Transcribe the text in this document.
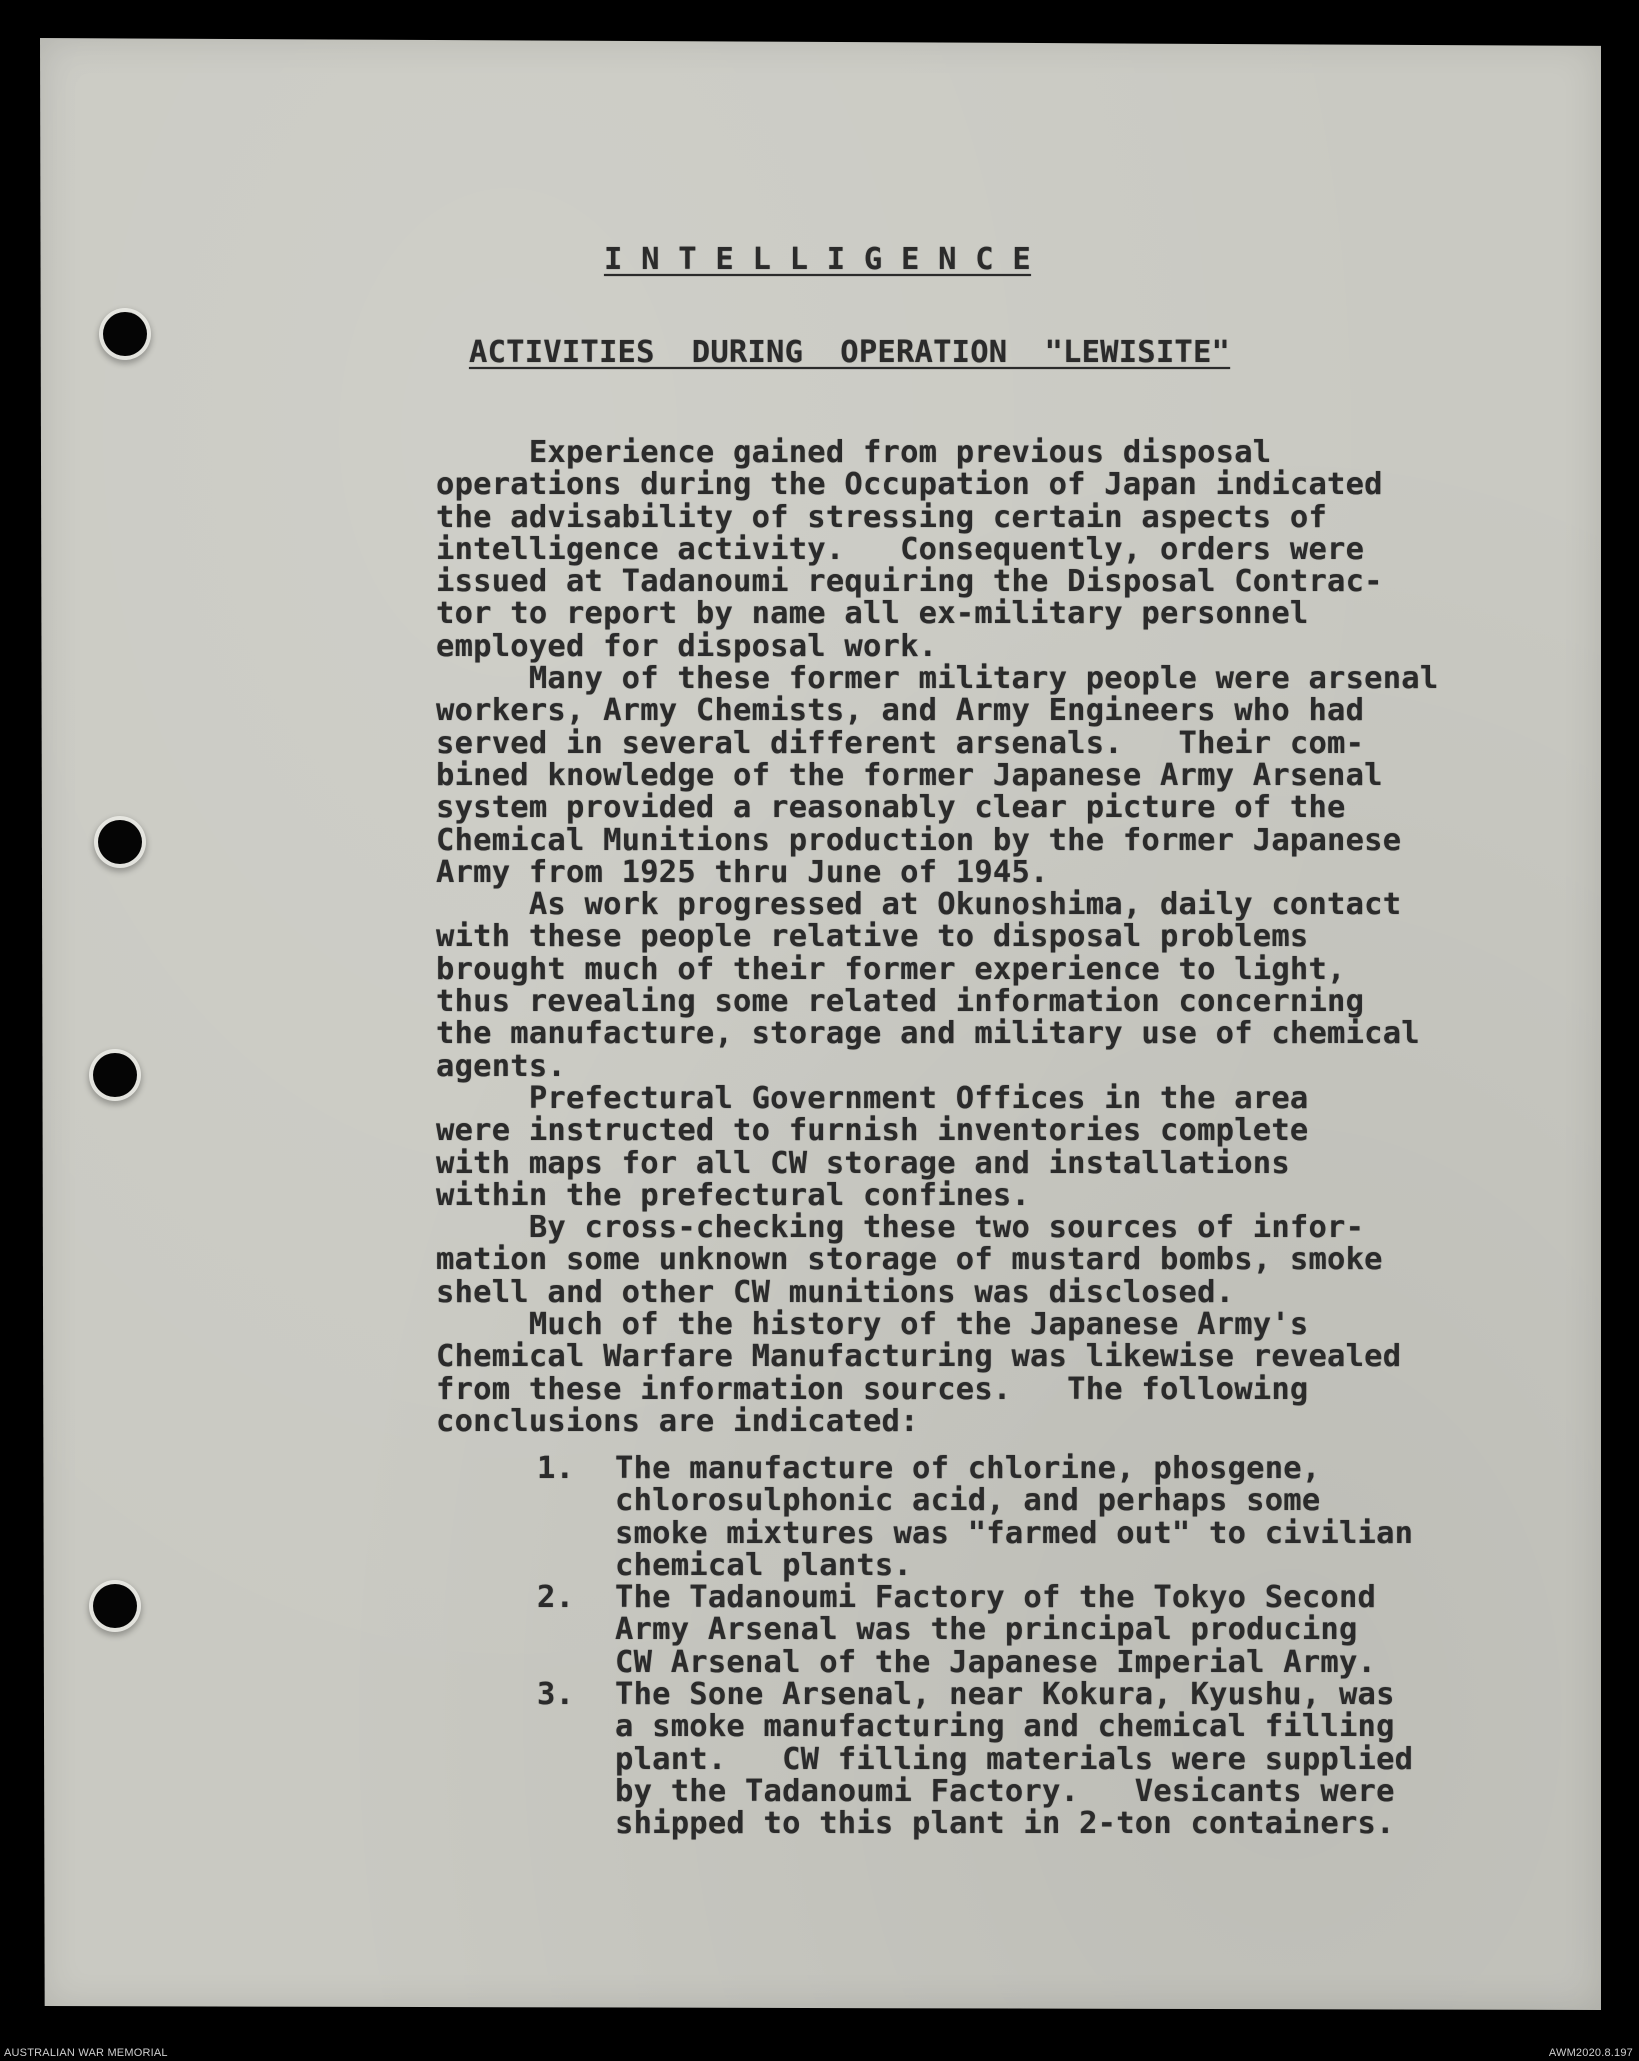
I N T E L L I G E N C E
ACTIVITIES  DURING  OPERATION  "LEWISITE"
Experience gained from previous disposal
operations during the Occupation of Japan indicated
the advisability of stressing certain aspects of
intelligence activity.   Consequently, orders were
issued at Tadanoumi requiring the Disposal Contrac-
tor to report by name all ex-military personnel
employed for disposal work.
Many of these former military people were arsenal
workers, Army Chemists, and Army Engineers who had
served in several different arsenals.   Their com-
bined knowledge of the former Japanese Army Arsenal
system provided a reasonably clear picture of the
Chemical Munitions production by the former Japanese
Army from 1925 thru June of 1945.
As work progressed at Okunoshima, daily contact
with these people relative to disposal problems
brought much of their former experience to light,
thus revealing some related information concerning
the manufacture, storage and military use of chemical
agents.
Prefectural Government Offices in the area
were instructed to furnish inventories complete
with maps for all CW storage and installations
within the prefectural confines.
By cross-checking these two sources of infor-
mation some unknown storage of mustard bombs, smoke
shell and other CW munitions was disclosed.
Much of the history of the Japanese Army's
Chemical Warfare Manufacturing was likewise revealed
from these information sources.   The following
conclusions are indicated:
1. The manufacture of chlorine, phosgene,
chlorosulphonic acid, and perhaps some
smoke mixtures was "farmed out" to civilian
chemical plants.
2. The Tadanoumi Factory of the Tokyo Second
Army Arsenal was the principal producing
CW Arsenal of the Japanese Imperial Army.
3. The Sone Arsenal, near Kokura, Kyushu, was
a smoke manufacturing and chemical filling
plant.   CW filling materials were supplied
by the Tadanoumi Factory.   Vesicants were
shipped to this plant in 2-ton containers.
AUSTRALIAN WAR MEMORIAL	AWM2020.8.197
